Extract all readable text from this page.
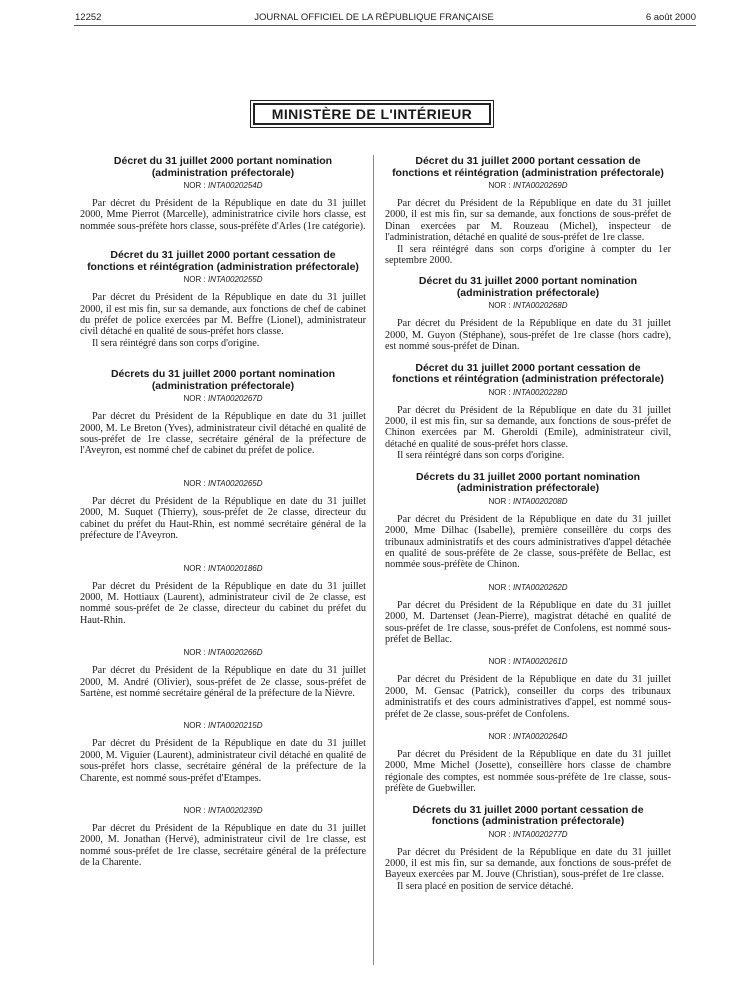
12252	JOURNAL OFFICIEL DE LA RÉPUBLIQUE FRANÇAISE	6 août 2000
MINISTÈRE DE L'INTÉRIEUR
Décret du 31 juillet 2000 portant nomination (administration préfectorale)
NOR : INTA0020254D

Par décret du Président de la République en date du 31 juillet 2000, Mme Pierrot (Marcelle), administratrice civile hors classe, est nommée sous-préfète hors classe, sous-préfète d'Arles (1re catégorie).

Décret du 31 juillet 2000 portant cessation de fonctions et réintégration (administration préfectorale)
NOR : INTA0020255D

Par décret du Président de la République en date du 31 juillet 2000, il est mis fin, sur sa demande, aux fonctions de chef de cabinet du préfet de police exercées par M. Beffre (Lionel), administrateur civil détaché en qualité de sous-préfet hors classe.

Il sera réintégré dans son corps d'origine.

Décrets du 31 juillet 2000 portant nomination (administration préfectorale)
NOR : INTA0020267D

Par décret du Président de la République en date du 31 juillet 2000, M. Le Breton (Yves), administrateur civil détaché en qualité de sous-préfet de 1re classe, secrétaire général de la préfecture de l'Aveyron, est nommé chef de cabinet du préfet de police.

NOR : INTA0020265D

Par décret du Président de la République en date du 31 juillet 2000, M. Suquet (Thierry), sous-préfet de 2e classe, directeur du cabinet du préfet du Haut-Rhin, est nommé secrétaire général de la préfecture de l'Aveyron.

NOR : INTA0020186D

Par décret du Président de la République en date du 31 juillet 2000, M. Hottiaux (Laurent), administrateur civil de 2e classe, est nommé sous-préfet de 2e classe, directeur du cabinet du préfet du Haut-Rhin.

NOR : INTA0020266D

Par décret du Président de la République en date du 31 juillet 2000, M. André (Olivier), sous-préfet de 2e classe, sous-préfet de Sartène, est nommé secrétaire général de la préfecture de la Nièvre.

NOR : INTA0020215D

Par décret du Président de la République en date du 31 juillet 2000, M. Viguier (Laurent), administrateur civil détaché en qualité de sous-préfet hors classe, secrétaire général de la préfecture de la Charente, est nommé sous-préfet d'Etampes.

NOR : INTA0020239D

Par décret du Président de la République en date du 31 juillet 2000, M. Jonathan (Hervé), administrateur civil de 1re classe, est nommé sous-préfet de 1re classe, secrétaire général de la préfecture de la Charente.

Décret du 31 juillet 2000 portant cessation de fonctions et réintégration (administration préfectorale)
NOR : INTA0020269D

Par décret du Président de la République en date du 31 juillet 2000, il est mis fin, sur sa demande, aux fonctions de sous-préfet de Dinan exercées par M. Rouzeau (Michel), inspecteur de l'administration, détaché en qualité de sous-préfet de 1re classe.

Il sera réintégré dans son corps d'origine à compter du 1er septembre 2000.

Décret du 31 juillet 2000 portant nomination (administration préfectorale)
NOR : INTA0020268D

Par décret du Président de la République en date du 31 juillet 2000, M. Guyon (Stéphane), sous-préfet de 1re classe (hors cadre), est nommé sous-préfet de Dinan.

Décret du 31 juillet 2000 portant cessation de fonctions et réintégration (administration préfectorale)
NOR : INTA0020228D

Par décret du Président de la République en date du 31 juillet 2000, il est mis fin, sur sa demande, aux fonctions de sous-préfet de Chinon exercées par M. Gheroldi (Emile), administrateur civil, détaché en qualité de sous-préfet hors classe.

Il sera réintégré dans son corps d'origine.

Décrets du 31 juillet 2000 portant nomination (administration préfectorale)
NOR : INTA0020208D

Par décret du Président de la République en date du 31 juillet 2000, Mme Dilhac (Isabelle), première conseillère du corps des tribunaux administratifs et des cours administratives d'appel détachée en qualité de sous-préfète de 2e classe, sous-préfète de Bellac, est nommée sous-préfète de Chinon.

NOR : INTA0020262D

Par décret du Président de la République en date du 31 juillet 2000, M. Dartenset (Jean-Pierre), magistrat détaché en qualité de sous-préfet de 1re classe, sous-préfet de Confolens, est nommé sous-préfet de Bellac.

NOR : INTA0020261D

Par décret du Président de la République en date du 31 juillet 2000, M. Gensac (Patrick), conseiller du corps des tribunaux administratifs et des cours administratives d'appel, est nommé sous-préfet de 2e classe, sous-préfet de Confolens.

NOR : INTA0020264D

Par décret du Président de la République en date du 31 juillet 2000, Mme Michel (Josette), conseillère hors classe de chambre régionale des comptes, est nommée sous-préfète de 1re classe, sous-préfète de Guebwiller.

Décrets du 31 juillet 2000 portant cessation de fonctions (administration préfectorale)
NOR : INTA0020277D

Par décret du Président de la République en date du 31 juillet 2000, il est mis fin, sur sa demande, aux fonctions de sous-préfet de Bayeux exercées par M. Jouve (Christian), sous-préfet de 1re classe.

Il sera placé en position de service détaché.
